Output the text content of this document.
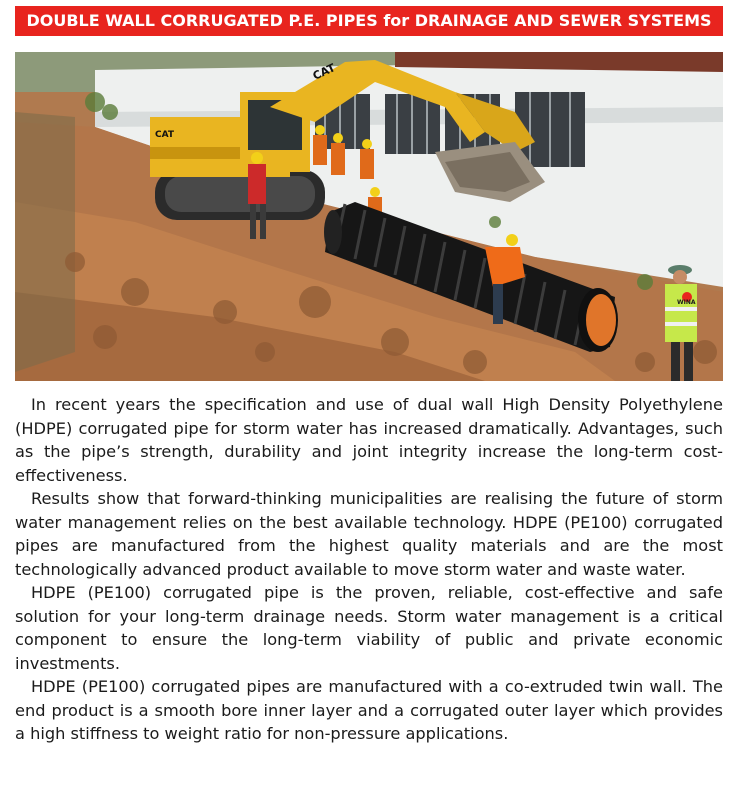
DOUBLE WALL CORRUGATED P.E. PIPES for DRAINAGE AND SEWER SYSTEMS
CAT
CAT
WINA

In recent years the specification and use of dual wall High Density Polyethylene (HDPE) corrugated pipe for storm water has increased dramatically. Advantages, such as the pipe’s strength, durability and joint integrity increase the long-term cost-effectiveness.

Results show that forward-thinking municipalities are realising the future of storm water management relies on the best available technology. HDPE (PE100) corrugated pipes are manufactured from the highest quality materials and are the most technologically advanced product available to move storm water and waste water.

HDPE (PE100) corrugated pipe is the proven, reliable, cost-effective and safe solution for your long-term drainage needs. Storm water management is a critical component to ensure the long-term viability of public and private economic investments.

HDPE (PE100) corrugated pipes are manufactured with a co-extruded twin wall. The end product is a smooth bore inner layer and a corrugated outer layer which provides a high stiffness to weight ratio for non-pressure applications.
